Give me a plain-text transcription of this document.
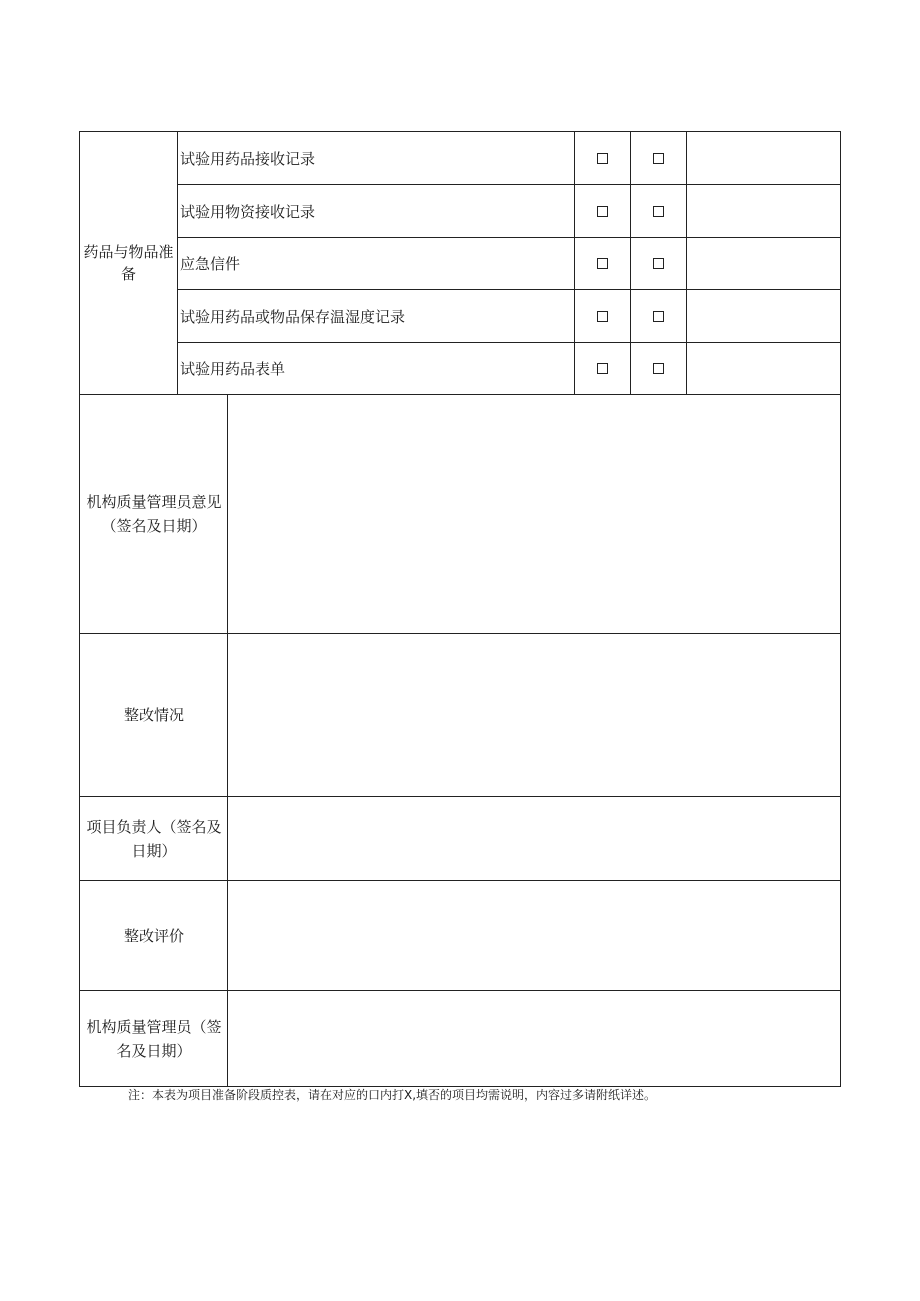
药品与物品准备
试验用药品接收记录
试验用物资接收记录
应急信件
试验用药品或物品保存温湿度记录
试验用药品表单
机构质量管理员意见（签名及日期）
整改情况
项目负责人（签名及日期）
整改评价
机构质量管理员（签名及日期）
注：本表为项目准备阶段质控表，请在对应的口内打X,填否的项目均需说明，内容过多请附纸详述。
